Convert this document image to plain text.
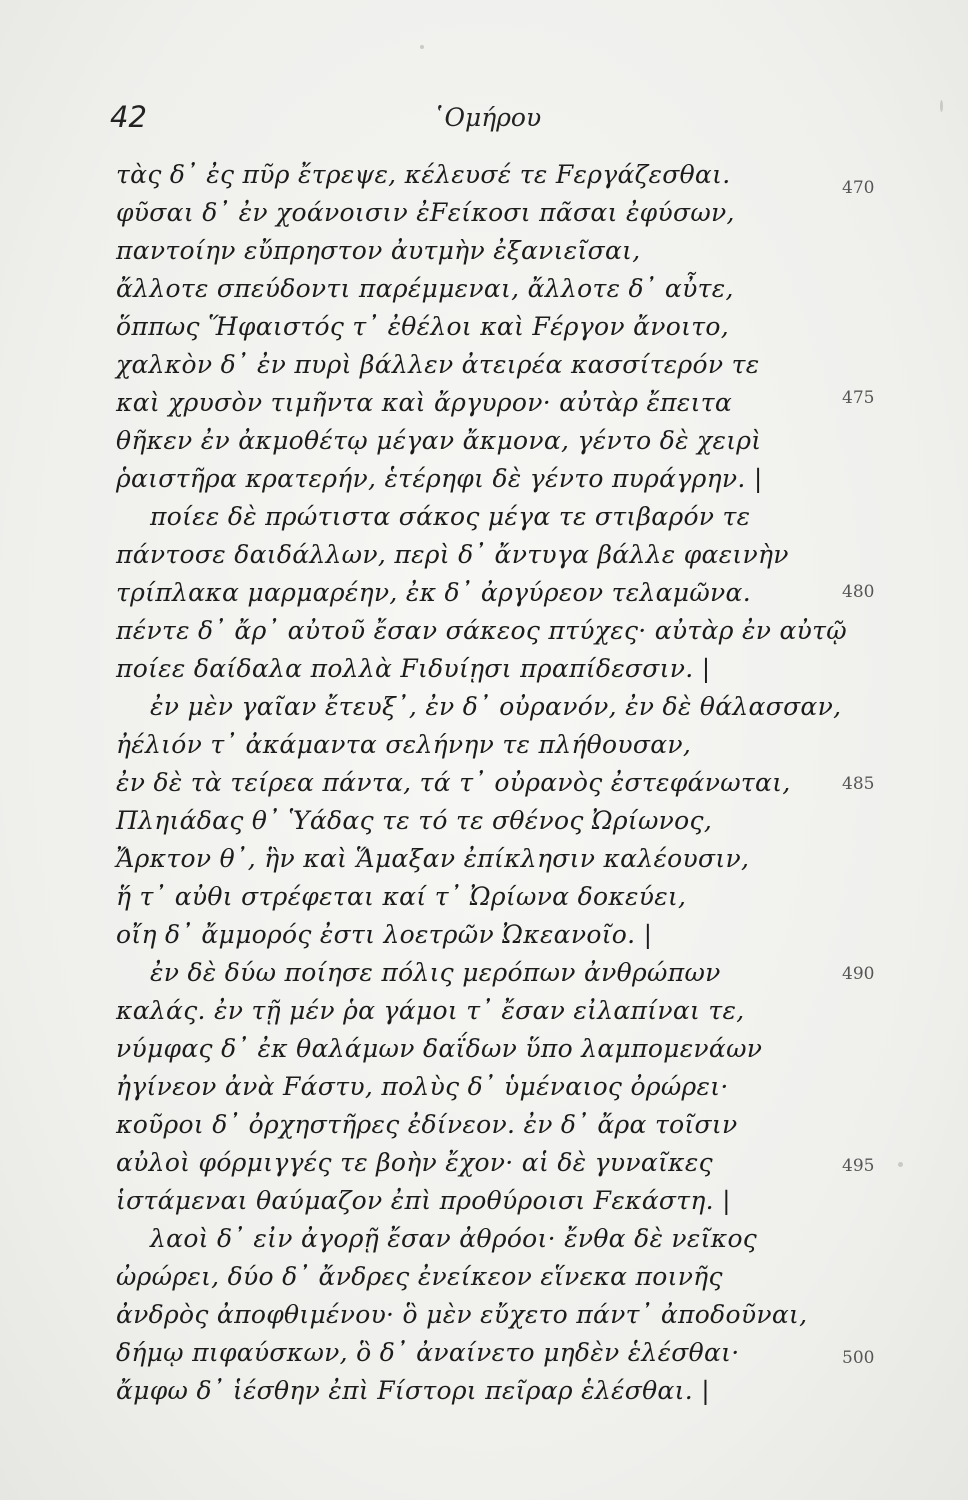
42	῾Ομήρου
τὰς δ᾽ ἐς πῦρ ἔτρεψε, κέλευσέ τε Fεργάζεσθαι.
φῦσαι δ᾽ ἐν χοάνοισιν ἐFείκοσι πᾶσαι ἐφύσων,
παντοίην εὔπρηστον ἀυτμὴν ἐξανιεῖσαι,
ἄλλοτε σπεύδοντι παρέμμεναι, ἄλλοτε δ᾽ αὖτε,
ὅππως Ἥφαιστός τ᾽ ἐθέλοι καὶ Fέργον ἄνοιτο,
χαλκὸν δ᾽ ἐν πυρὶ βάλλεν ἀτειρέα κασσίτερόν τε
καὶ χρυσὸν τιμῆντα καὶ ἄργυρον· αὐτὰρ ἔπειτα
θῆκεν ἐν ἀκμοθέτῳ μέγαν ἄκμονα, γέντο δὲ χειρὶ
ῥαιστῆρα κρατερήν, ἑτέρηφι δὲ γέντο πυράγρην. |
ποίεε δὲ πρώτιστα σάκος μέγα τε στιβαρόν τε
πάντοσε δαιδάλλων, περὶ δ᾽ ἄντυγα βάλλε φαεινὴν
τρίπλακα μαρμαρέην, ἐκ δ᾽ ἀργύρεον τελαμῶνα.
πέντε δ᾽ ἄρ᾽ αὐτοῦ ἔσαν σάκεος πτύχες· αὐτὰρ ἐν αὐτῷ
ποίεε δαίδαλα πολλὰ Fιδυίῃσι πραπίδεσσιν. |
ἐν μὲν γαῖαν ἔτευξ᾽, ἐν δ᾽ οὐρανόν, ἐν δὲ θάλασσαν,
ἠέλιόν τ᾽ ἀκάμαντα σελήνην τε πλήθουσαν,
ἐν δὲ τὰ τείρεα πάντα, τά τ᾽ οὐρανὸς ἐστεφάνωται,
Πληιάδας θ᾽ Ὑάδας τε τό τε σθένος Ὠρίωνος,
Ἄρκτον θ᾽, ἣν καὶ Ἅμαξαν ἐπίκλησιν καλέουσιν,
ἥ τ᾽ αὐθι στρέφεται καί τ᾽ Ὠρίωνα δοκεύει,
οἴη δ᾽ ἄμμορός ἐστι λοετρῶν Ὠκεανοῖο. |
ἐν δὲ δύω ποίησε πόλις μερόπων ἀνθρώπων
καλάς. ἐν τῇ μέν ῥα γάμοι τ᾽ ἔσαν εἰλαπίναι τε,
νύμφας δ᾽ ἐκ θαλάμων δαΐδων ὕπο λαμπομενάων
ἠγίνεον ἀνὰ Fάστυ, πολὺς δ᾽ ὑμέναιος ὀρώρει·
κοῦροι δ᾽ ὀρχηστῆρες ἐδίνεον. ἐν δ᾽ ἄρα τοῖσιν
αὐλοὶ φόρμιγγές τε βοὴν ἔχον· αἱ δὲ γυναῖκες
ἱστάμεναι θαύμαζον ἐπὶ προθύροισι Fεκάστη. |
λαοὶ δ᾽ εἰν ἀγορῇ ἔσαν ἀθρόοι· ἔνθα δὲ νεῖκος
ὠρώρει, δύο δ᾽ ἄνδρες ἐνείκεον εἵνεκα ποινῆς
ἀνδρὸς ἀποφθιμένου· ὃ μὲν εὔχετο πάντ᾽ ἀποδοῦναι,
δήμῳ πιφαύσκων, ὃ δ᾽ ἀναίνετο μηδὲν ἑλέσθαι·
ἄμφω δ᾽ ἱέσθην ἐπὶ Fίστορι πεῖραρ ἑλέσθαι. |
470
475
480
485
490
495
500
